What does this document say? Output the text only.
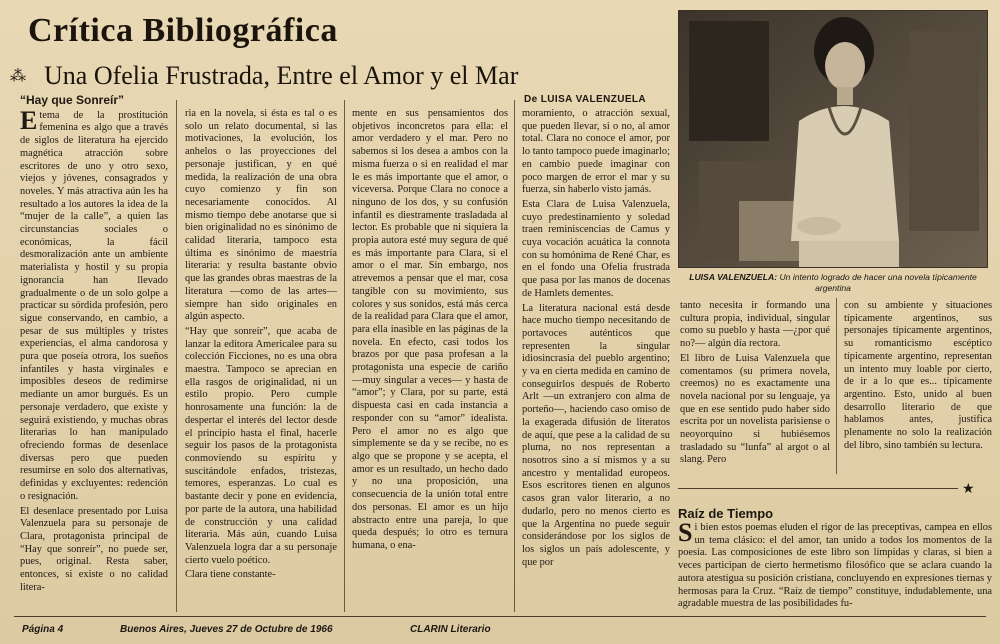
Crítica Bibliográfica
⁂ Una Ofelia Frustrada, Entre el Amor y el Mar
De LUISA VALENZUELA
“Hay que Sonreír”

Etema de la prostitución femenina es algo que a través de siglos de literatura ha ejercido magnética atracción sobre escritores de uno y otro sexo, viejos y jóvenes, consagrados y noveles. Y más atractiva aún les ha resultado a los autores la idea de la “mujer de la calle”, a quien las circunstancias sociales o económicas, la fácil desmoralización ante un ambiente materialista y hostil y su propia ignorancia han llevado gradualmente o de un solo golpe a practicar su sórdida profesión, pero sigue conservando, en cambio, a pesar de sus múltiples y tristes experiencias, el alma candorosa y pura que poseía otrora, los sueños infantiles y hasta virginales e imposibles deseos de redimirse mediante un amor burgués. Es un personaje verdadero, que existe y seguirá existiendo, y muchas obras literarias lo han manipulado ofreciendo formas de desenlace diversas pero que pueden resumirse en solo dos alternativas, definidas y excluyentes: redención o resignación.

El desenlace presentado por Luisa Valenzuela para su personaje de Clara, protagonista principal de “Hay que sonreír”, no puede ser, pues, original. Resta saber, entonces, si existe o no calidad litera-

ria en la novela, si ésta es tal o es solo un relato documental, si las motivaciones, la evolución, los anhelos o las proyecciones del personaje justifican, y en qué medida, la realización de una obra cuyo comienzo y fin son necesariamente conocidos. Al mismo tiempo debe anotarse que si bien originalidad no es sinónimo de calidad literaria, tampoco esta última es sinónimo de maestría literaria: y resulta bastante obvio que las grandes obras maestras de la literatura —como de las artes— siempre han sido originales en algún aspecto.

“Hay que sonreír”, que acaba de lanzar la editora Americalee para su colección Ficciones, no es una obra maestra. Tampoco se aprecian en ella rasgos de originalidad, ni un estilo propio. Pero cumple honrosamente una función: la de despertar el interés del lector desde el principio hasta el final, hacerle seguir los pasos de la protagonista conmoviendo su espíritu y suscitándole enfados, tristezas, temores, esperanzas. Lo cual es bastante decir y pone en evidencia, por parte de la autora, una habilidad de construcción y una calidad literaria. Más aún, cuando Luisa Valenzuela logra dar a su personaje cierto vuelo poético.

Clara tiene constante-

mente en sus pensamientos dos objetivos inconcretos para ella: el amor verdadero y el mar. Pero no sabemos si los desea a ambos con la misma fuerza o si en realidad el mar le es más importante que el amor, o viceversa. Porque Clara no conoce a ninguno de los dos, y su confusión infantil es diestramente trasladada al lector. Es probable que ni siquiera la propia autora esté muy segura de qué es más importante para Clara, si el amor o el mar. Sin embargo, nos atrevemos a pensar que el mar, cosa tangible con su movimiento, sus colores y sus sonidos, está más cerca de la realidad para Clara que el amor, para ella inasible en las páginas de la novela. En efecto, casi todos los brazos por que pasa profesan a la protagonista una especie de cariño —muy singular a veces— y hasta de “amor”; y Clara, por su parte, está dispuesta casi en cada instancia a responder con su “amor” idealista. Pero el amor no es algo que simplemente se da y se recibe, no es algo que se propone y se acepta, el amor es un resultado, un hecho dado y no una proposición, una consecuencia de la unión total entre dos personas. El amor es un hijo abstracto entre una pareja, lo que queda después; lo otro es ternura humana, o ena-

moramiento, o atracción sexual, que pueden llevar, si o no, al amor total. Clara no conoce el amor, por lo tanto tampoco puede imaginarlo; en cambio puede imaginar con poco margen de error el mar y su fuerza, sin haberlo visto jamás.

Esta Clara de Luisa Valenzuela, cuyo predestinamiento y soledad traen reminiscencias de Camus y cuya vocación acuática la connota con su homónima de René Char, es en el fondo una Ofelia frustrada que pasa por las manos de docenas de Hamlets dementes.

La literatura nacional está desde hace mucho tiempo necesitando de portavoces auténticos que representen la singular idiosincrasia del pueblo argentino; y va en cierta medida en camino de conseguirlos después de Roberto Arlt —un extranjero con alma de porteño—, haciendo caso omiso de la exagerada difusión de literatos de aquí, que pese a la calidad de su pluma, no nos representan a nosotros sino a sí mismos y a su ancestro y mentalidad europeos. Esos escritores tienen en algunos casos gran valor literario, a no dudarlo, pero no menos cierto es que la Argentina no puede seguir considerándose por los siglos de los siglos un país adolescente, y que por

LUISA VALENZUELA: Un intento logrado de hacer una novela típicamente argentina

tanto necesita ir formando una cultura propia, individual, singular como su pueblo y hasta —¿por qué no?— algún día rectora.

El libro de Luisa Valenzuela que comentamos (su primera novela, creemos) no es exactamente una novela nacional por su lenguaje, ya que en ese sentido pudo haber sido escrita por un novelista parisiense o neoyorquino si hubiésemos trasladado su “lunfa” al argot o al slang. Pero

con su ambiente y situaciones típicamente argentinos, sus personajes típicamente argentinos, su romanticismo escéptico típicamente argentino, representan un intento muy loable por cierto, de ir a lo que es... típicamente argentino. Esto, unido al buen desarrollo literario de que hablamos antes, justifica plenamente no solo la realización del libro, sino también su lectura.

★
Raíz de Tiempo

Si bien estos poemas eluden el rigor de las preceptivas, campea en ellos un tema clásico: el del amor, tan unido a todos los momentos de la poesía. Las composiciones de este libro son límpidas y claras, si bien a veces participan de cierto hermetismo filosófico que se aclara cuando la autora atestigua su posición cristiana, concluyendo en expresiones tiernas y hermosas para la Cruz. “Raíz de tiempo” constituye, indudablemente, una agradable muestra de las posibilidades fu-

Página 4	Buenos Aires, Jueves 27 de Octubre de 1966	CLARIN Literario
